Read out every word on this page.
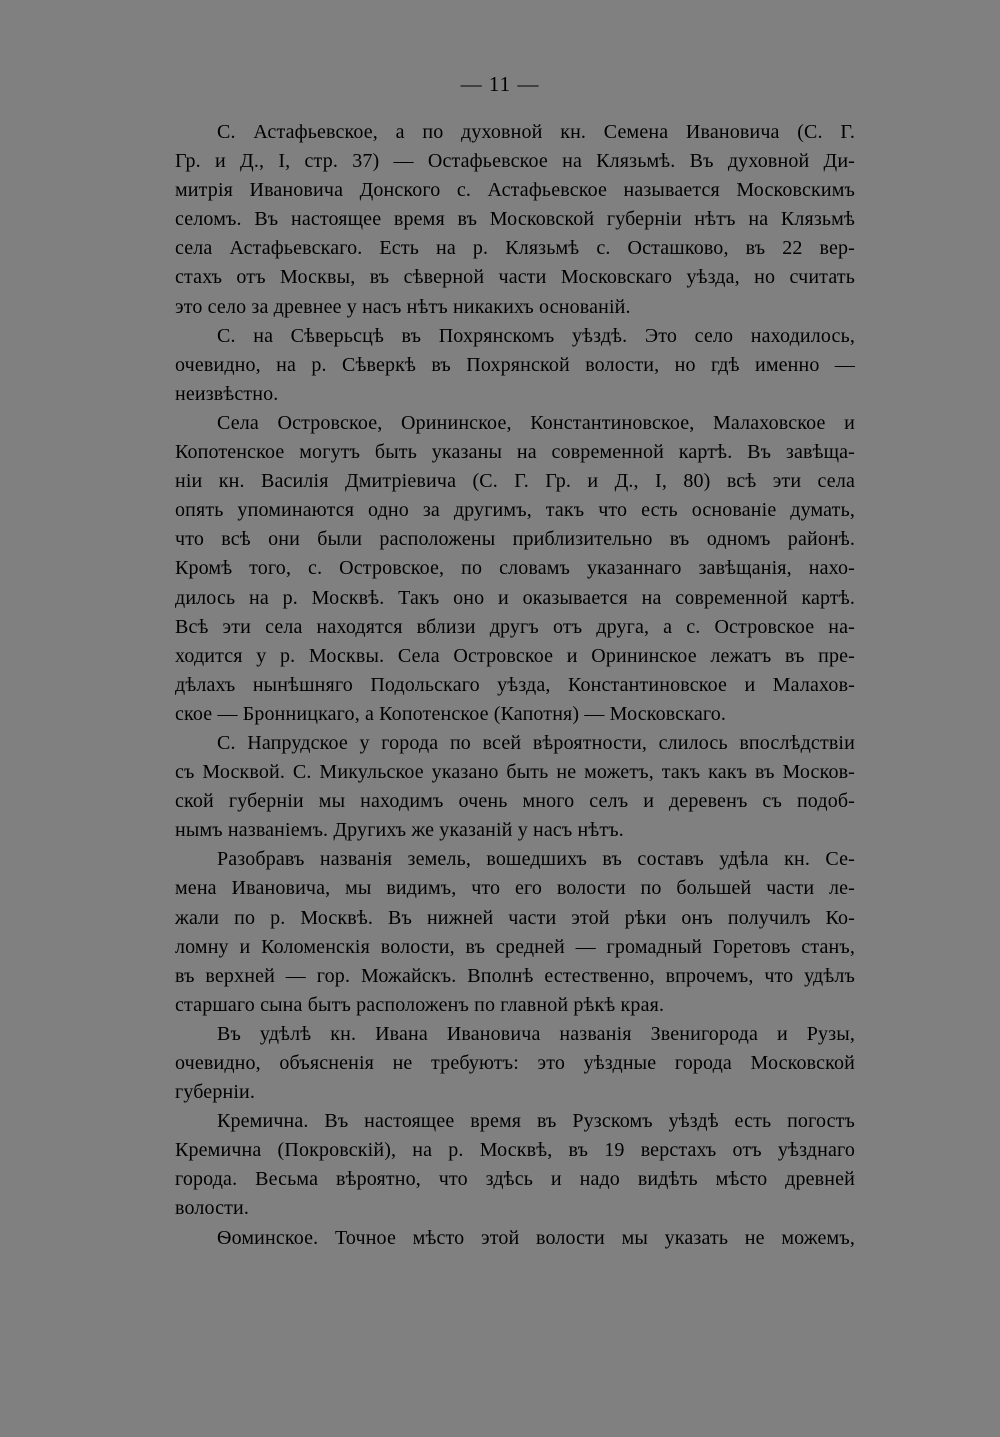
— 11 —
С. Астафьевское, а по духовной кн. Семена Ивановича (С. Г.
Гр. и Д., I, стр. 37) — Остафьевское на Клязьмѣ. Въ духовной Ди-
митрія Ивановича Донского с. Астафьевское называется Московскимъ
селомъ. Въ настоящее время въ Московской губерніи нѣтъ на Клязьмѣ
села Астафьевскаго. Есть на р. Клязьмѣ с. Осташково, въ 22 вер-
стахъ отъ Москвы, въ сѣверной части Московскаго уѣзда, но считать
это село за древнее у насъ нѣтъ никакихъ основаній.
С. на Сѣверьсцѣ въ Похрянскомъ уѣздѣ. Это село находилось,
очевидно, на р. Сѣверкѣ въ Похрянской волости, но гдѣ именно —
неизвѣстно.
Села Островское, Орининское, Константиновское, Малаховское и
Копотенское могутъ быть указаны на современной картѣ. Въ завѣща-
ніи кн. Василія Дмитріевича (С. Г. Гр. и Д., I, 80) всѣ эти села
опять упоминаются одно за другимъ, такъ что есть основаніе думать,
что всѣ они были расположены приблизительно въ одномъ районѣ.
Кромѣ того, с. Островское, по словамъ указаннаго завѣщанія, нахо-
дилось на р. Москвѣ. Такъ оно и оказывается на современной картѣ.
Всѣ эти села находятся вблизи другъ отъ друга, а с. Островское на-
ходится у р. Москвы. Села Островское и Орининское лежатъ въ пре-
дѣлахъ нынѣшняго Подольскаго уѣзда, Константиновское и Малахов-
ское — Бронницкаго, а Копотенское (Капотня) — Московскаго.
С. Напрудское у города по всей вѣроятности, слилось впослѣдствіи
съ Москвой. С. Микульское указано быть не можетъ, такъ какъ въ Москов-
ской губерніи мы находимъ очень много селъ и деревенъ съ подоб-
нымъ названіемъ. Другихъ же указаній у насъ нѣтъ.
Разобравъ названія земель, вошедшихъ въ составъ удѣла кн. Се-
мена Ивановича, мы видимъ, что его волости по большей части ле-
жали по р. Москвѣ. Въ нижней части этой рѣки онъ получилъ Ко-
ломну и Коломенскія волости, въ средней — громадный Горетовъ станъ,
въ верхней — гор. Можайскъ. Вполнѣ естественно, впрочемъ, что удѣлъ
старшаго сына бытъ расположенъ по главной рѣкѣ края.
Въ удѣлѣ кн. Ивана Ивановича названія Звенигорода и Рузы,
очевидно, объясненія не требуютъ: это уѣздные города Московской
губерніи.
Кремична. Въ настоящее время въ Рузскомъ уѣздѣ есть погостъ
Кремична (Покровскій), на р. Москвѣ, въ 19 верстахъ отъ уѣзднаго
города. Весьма вѣроятно, что здѣсь и надо видѣть мѣсто древней
волости.
Ѳоминское. Точное мѣсто этой волости мы указать не можемъ,
